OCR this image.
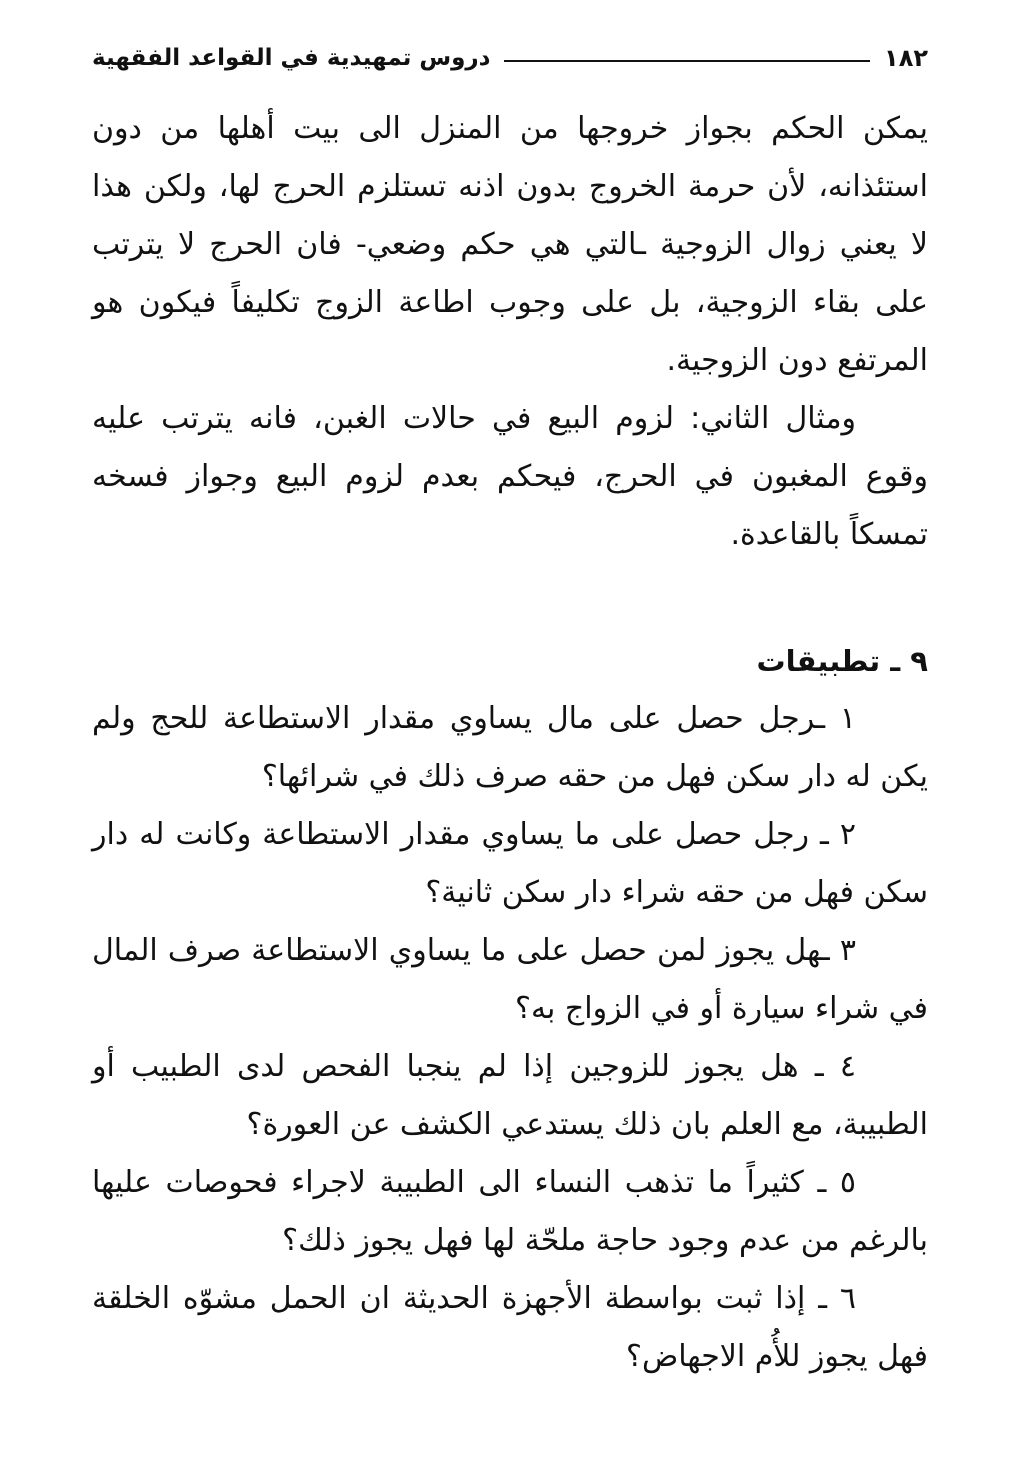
١٨٢
دروس تمهيدية في القواعد الفقهية

يمكن الحكم بجواز خروجها من المنزل الى بيت أهلها من دون استئذانه، لأن حرمة الخروج بدون اذنه تستلزم الحرج لها، ولكن هذا لا يعني زوال الزوجية ـالتي هي حكم وضعي- فان الحرج لا يترتب على بقاء الزوجية، بل على وجوب اطاعة الزوج تكليفاً فيكون هو المرتفع دون الزوجية.

ومثال الثاني: لزوم البيع في حالات الغبن، فانه يترتب عليه وقوع المغبون في الحرج، فيحكم بعدم لزوم البيع وجواز فسخه تمسكاً بالقاعدة.

٩ ـ تطبيقات

١ ـرجل حصل على مال يساوي مقدار الاستطاعة للحج ولم يكن له دار سكن فهل من حقه صرف ذلك في شرائها؟

٢ ـ رجل حصل على ما يساوي مقدار الاستطاعة وكانت له دار سكن فهل من حقه شراء دار سكن ثانية؟

٣ ـهل يجوز لمن حصل على ما يساوي الاستطاعة صرف المال في شراء سيارة أو في الزواج به؟

٤ ـ هل يجوز للزوجين إذا لم ينجبا الفحص لدى الطبيب أو الطبيبة، مع العلم بان ذلك يستدعي الكشف عن العورة؟

٥ ـ كثيراً ما تذهب النساء الى الطبيبة لاجراء فحوصات عليها بالرغم من عدم وجود حاجة ملحّة لها فهل يجوز ذلك؟

٦ ـ إذا ثبت بواسطة الأجهزة الحديثة ان الحمل مشوّه الخلقة فهل يجوز للأُم الاجهاض؟
